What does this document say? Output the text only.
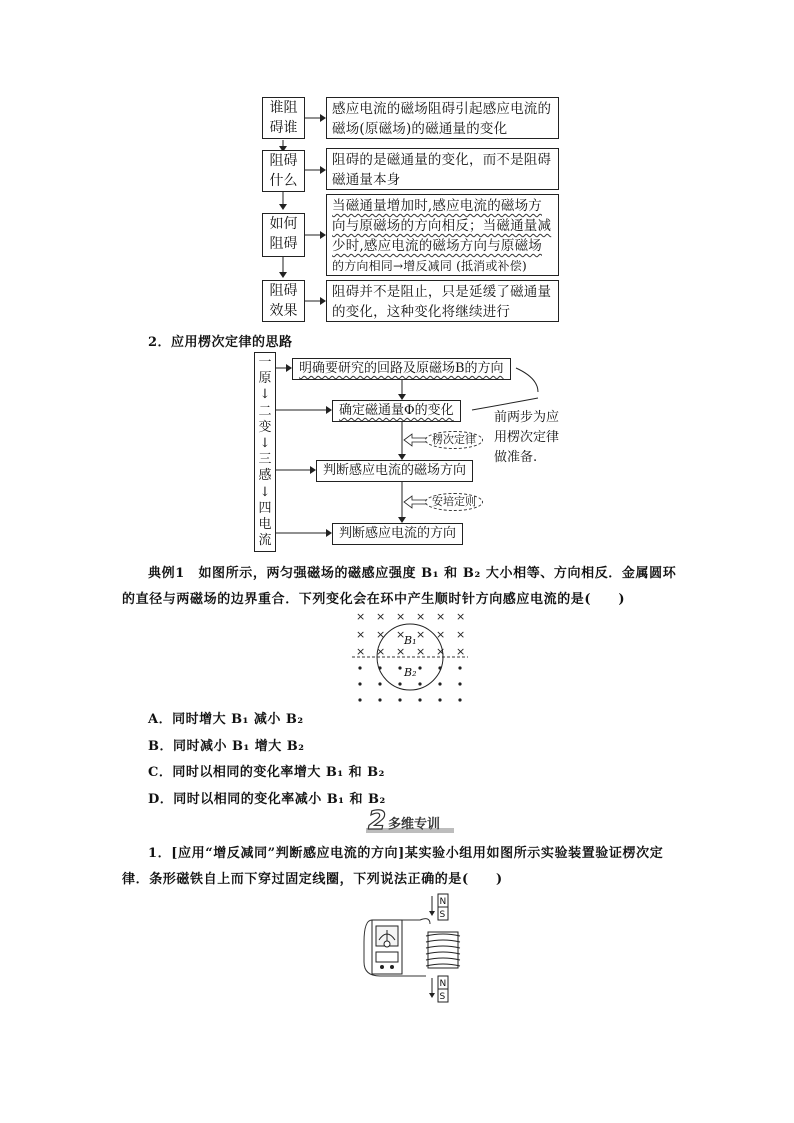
谁阻碍谁
感应电流的磁场阻碍引起感应电流的
磁场(原磁场)的磁通量的变化
阻碍什么
阻碍的是磁通量的变化，而不是阻碍
磁通量本身
如何阻碍
当磁通量增加时,感应电流的磁场方
向与原磁场的方向相反；当磁通量减
少时,感应电流的磁场方向与原磁场
的方向相同→增反减同 (抵消或补偿)
阻碍效果
阻碍并不是阻止，只是延缓了磁通量
的变化，这种变化将继续进行
2．应用楞次定律的思路
一
原
↓
二
变
↓
三
感
↓
四
电
流
明确要研究的回路及原磁场B的方向
确定磁通量Φ的变化
楞次定律
判断感应电流的磁场方向
安培定则
判断感应电流的方向
前两步为应
用楞次定律
做准备.
典例1　如图所示，两匀强磁场的磁感应强度 B₁ 和 B₂ 大小相等、方向相反．金属圆环
的直径与两磁场的边界重合．下列变化会在环中产生顺时针方向感应电流的是(　　)
× × × × × ×
× × × × × ×
× × × × × ×
B₁
B₂
A．同时增大 B₁ 减小 B₂
B．同时减小 B₁ 增大 B₂
C．同时以相同的变化率增大 B₁ 和 B₂
D．同时以相同的变化率减小 B₁ 和 B₂
2 多维专训
1．[应用“增反减同”判断感应电流的方向]某实验小组用如图所示实验装置验证楞次定
律．条形磁铁自上而下穿过固定线圈，下列说法正确的是(　　)
N
S
N
S
